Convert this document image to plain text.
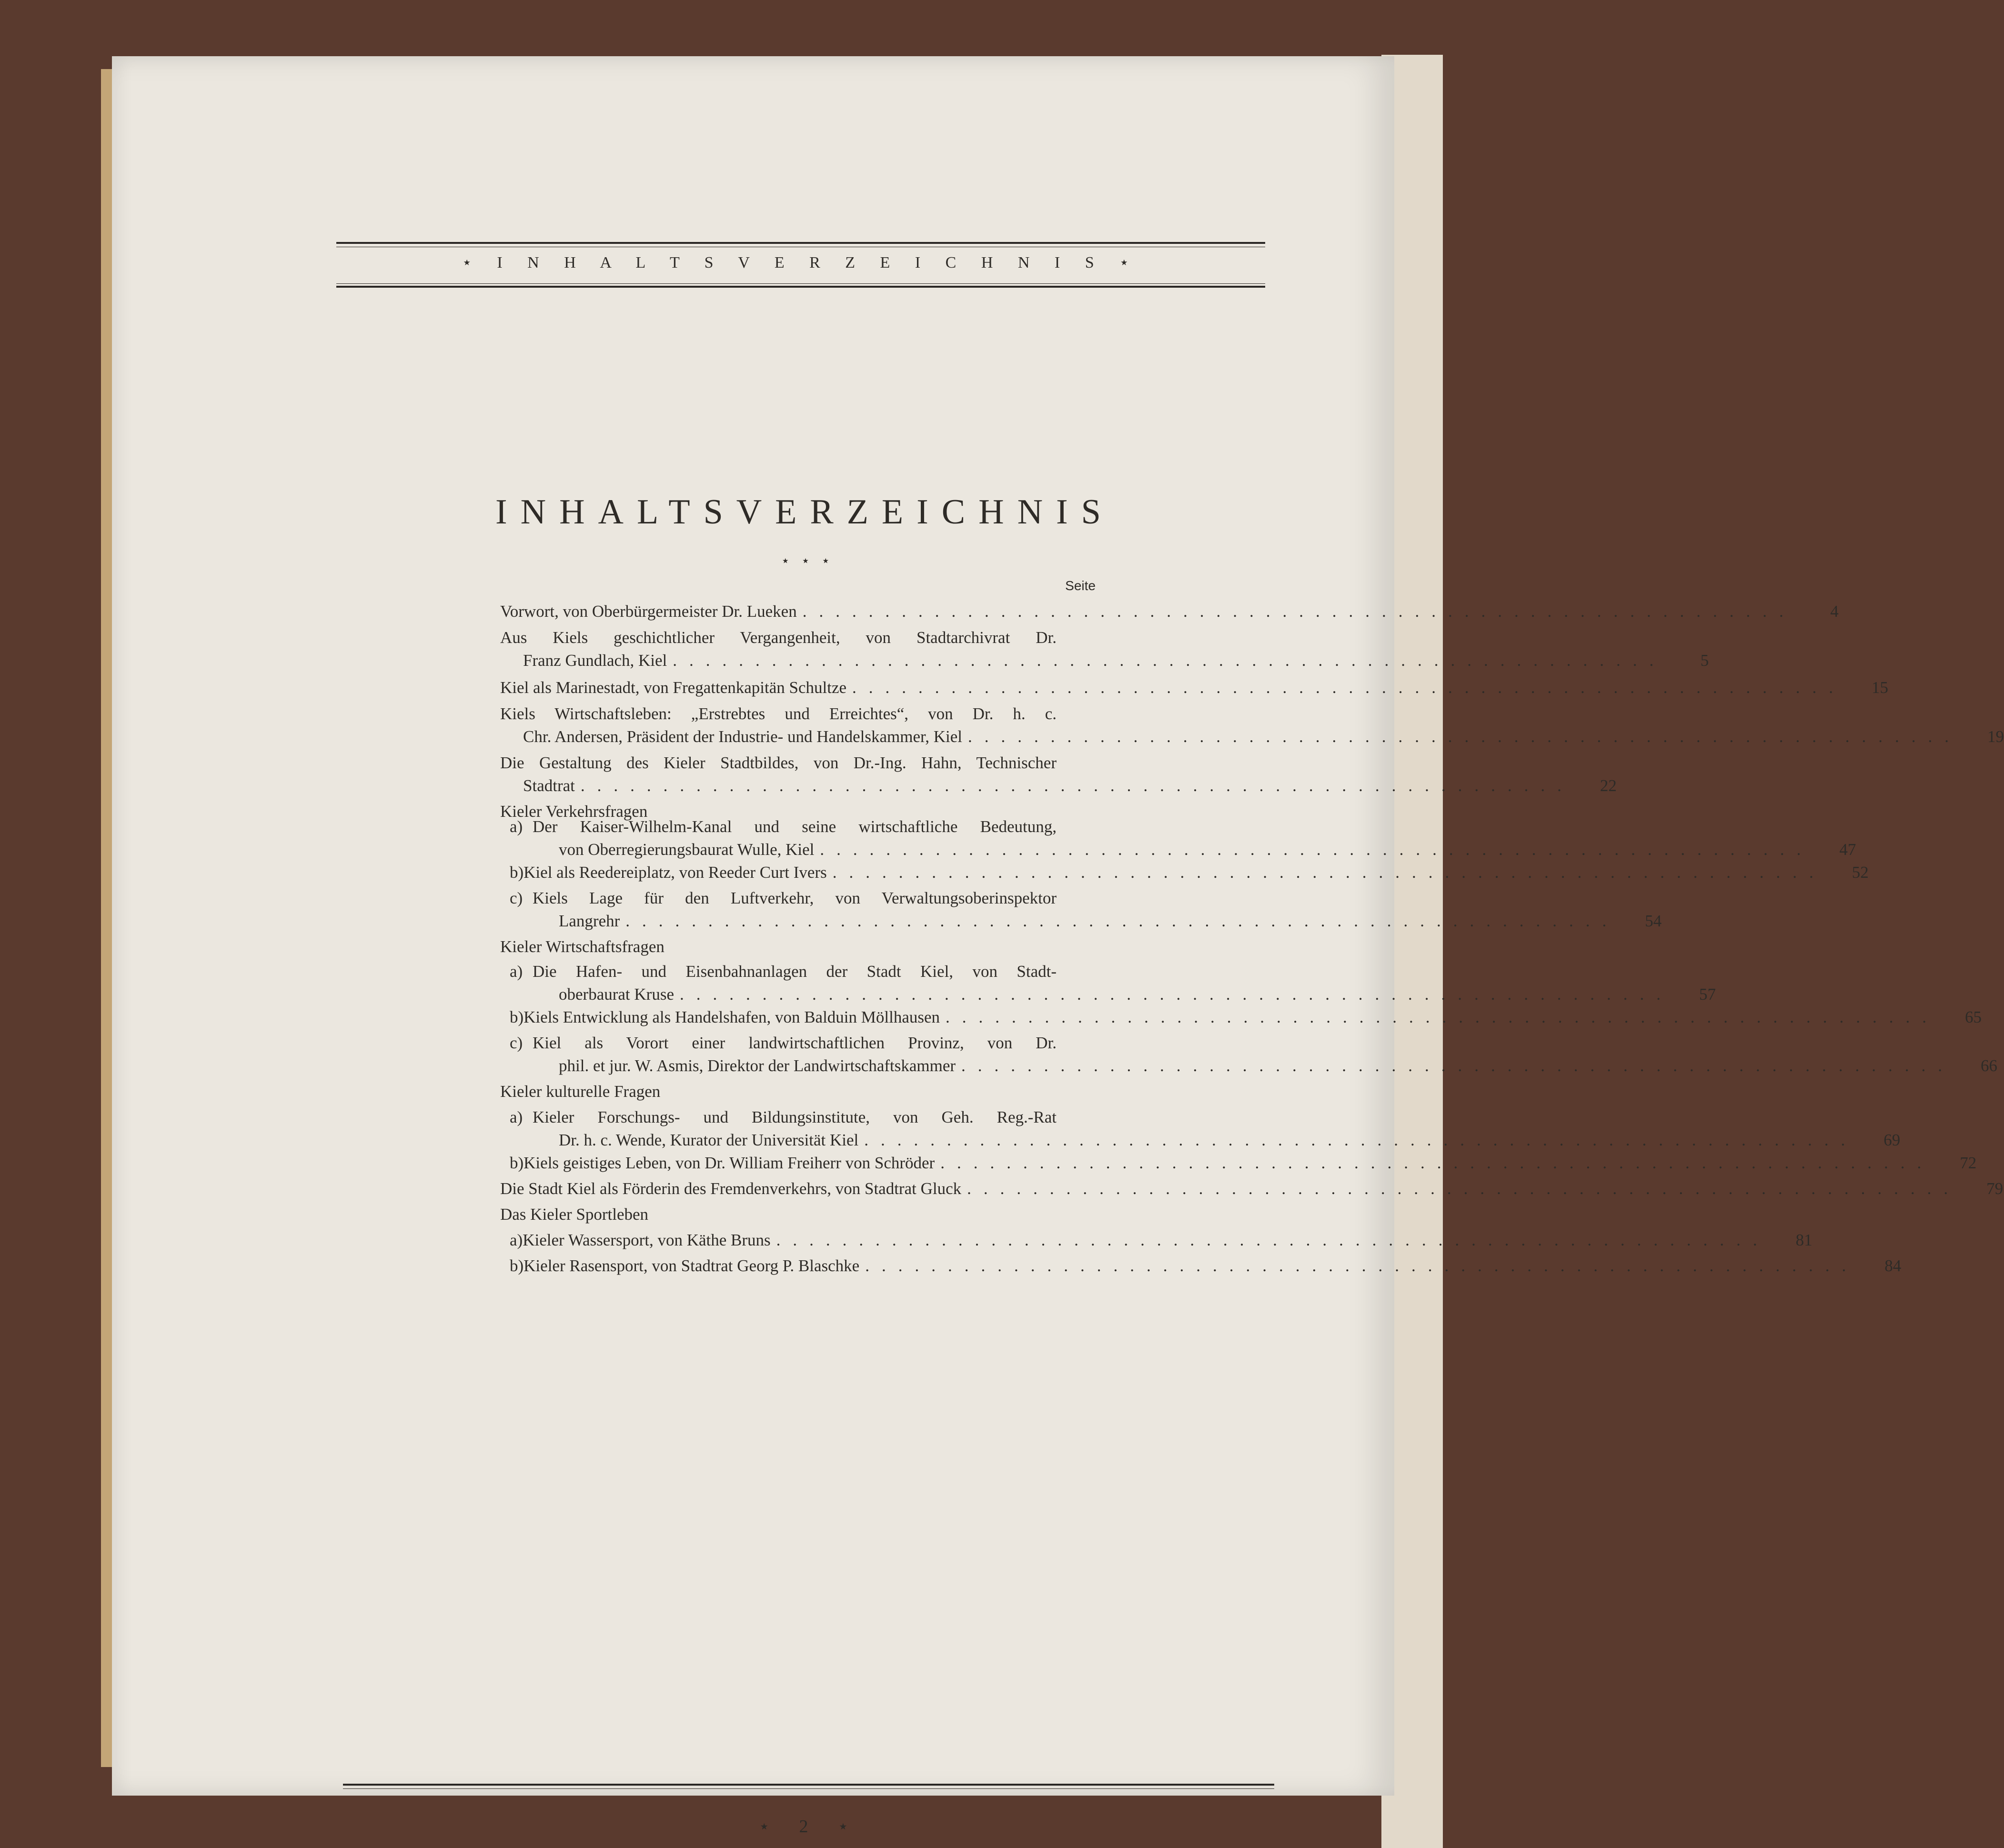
⋆ I N H A L T S V E R Z E I C H N I S ⋆
INHALTSVERZEICHNIS
⋆ ⋆ ⋆
Seite
Vorwort, von Oberbürgermeister Dr. Lueken ............................................................	4
Aus Kiels geschichtlicher Vergangenheit, von Stadtarchivrat Dr.
Franz Gundlach, Kiel ............................................................	5
Kiel als Marinestadt, von Fregattenkapitän Schultze ............................................................	15
Kiels Wirtschaftsleben: „Erstrebtes und Erreichtes“, von Dr. h. c.
Chr. Andersen, Präsident der Industrie- und Handelskammer, Kiel ............................................................	19
Die Gestaltung des Kieler Stadtbildes, von Dr.-Ing. Hahn, Technischer
Stadtrat ............................................................	22
Kieler Verkehrsfragen
a) Der Kaiser-Wilhelm-Kanal und seine wirtschaftliche Bedeutung,
von Oberregierungsbaurat Wulle, Kiel ............................................................	47
b) Kiel als Reedereiplatz, von Reeder Curt Ivers ............................................................	52
c) Kiels Lage für den Luftverkehr, von Verwaltungsoberinspektor
Langrehr ............................................................	54
Kieler Wirtschaftsfragen
a) Die Hafen- und Eisenbahnanlagen der Stadt Kiel, von Stadt-
oberbaurat Kruse ............................................................	57
b) Kiels Entwicklung als Handelshafen, von Balduin Möllhausen ............................................................	65
c) Kiel als Vorort einer landwirtschaftlichen Provinz, von Dr.
phil. et jur. W. Asmis, Direktor der Landwirtschaftskammer ............................................................	66
Kieler kulturelle Fragen
a) Kieler Forschungs- und Bildungsinstitute, von Geh. Reg.-Rat
Dr. h. c. Wende, Kurator der Universität Kiel ............................................................	69
b) Kiels geistiges Leben, von Dr. William Freiherr von Schröder ............................................................	72
Die Stadt Kiel als Förderin des Fremdenverkehrs, von Stadtrat Gluck ............................................................	79
Das Kieler Sportleben
a) Kieler Wassersport, von Käthe Bruns ............................................................	81
b) Kieler Rasensport, von Stadtrat Georg P. Blaschke ............................................................	84
⋆ 2 ⋆
